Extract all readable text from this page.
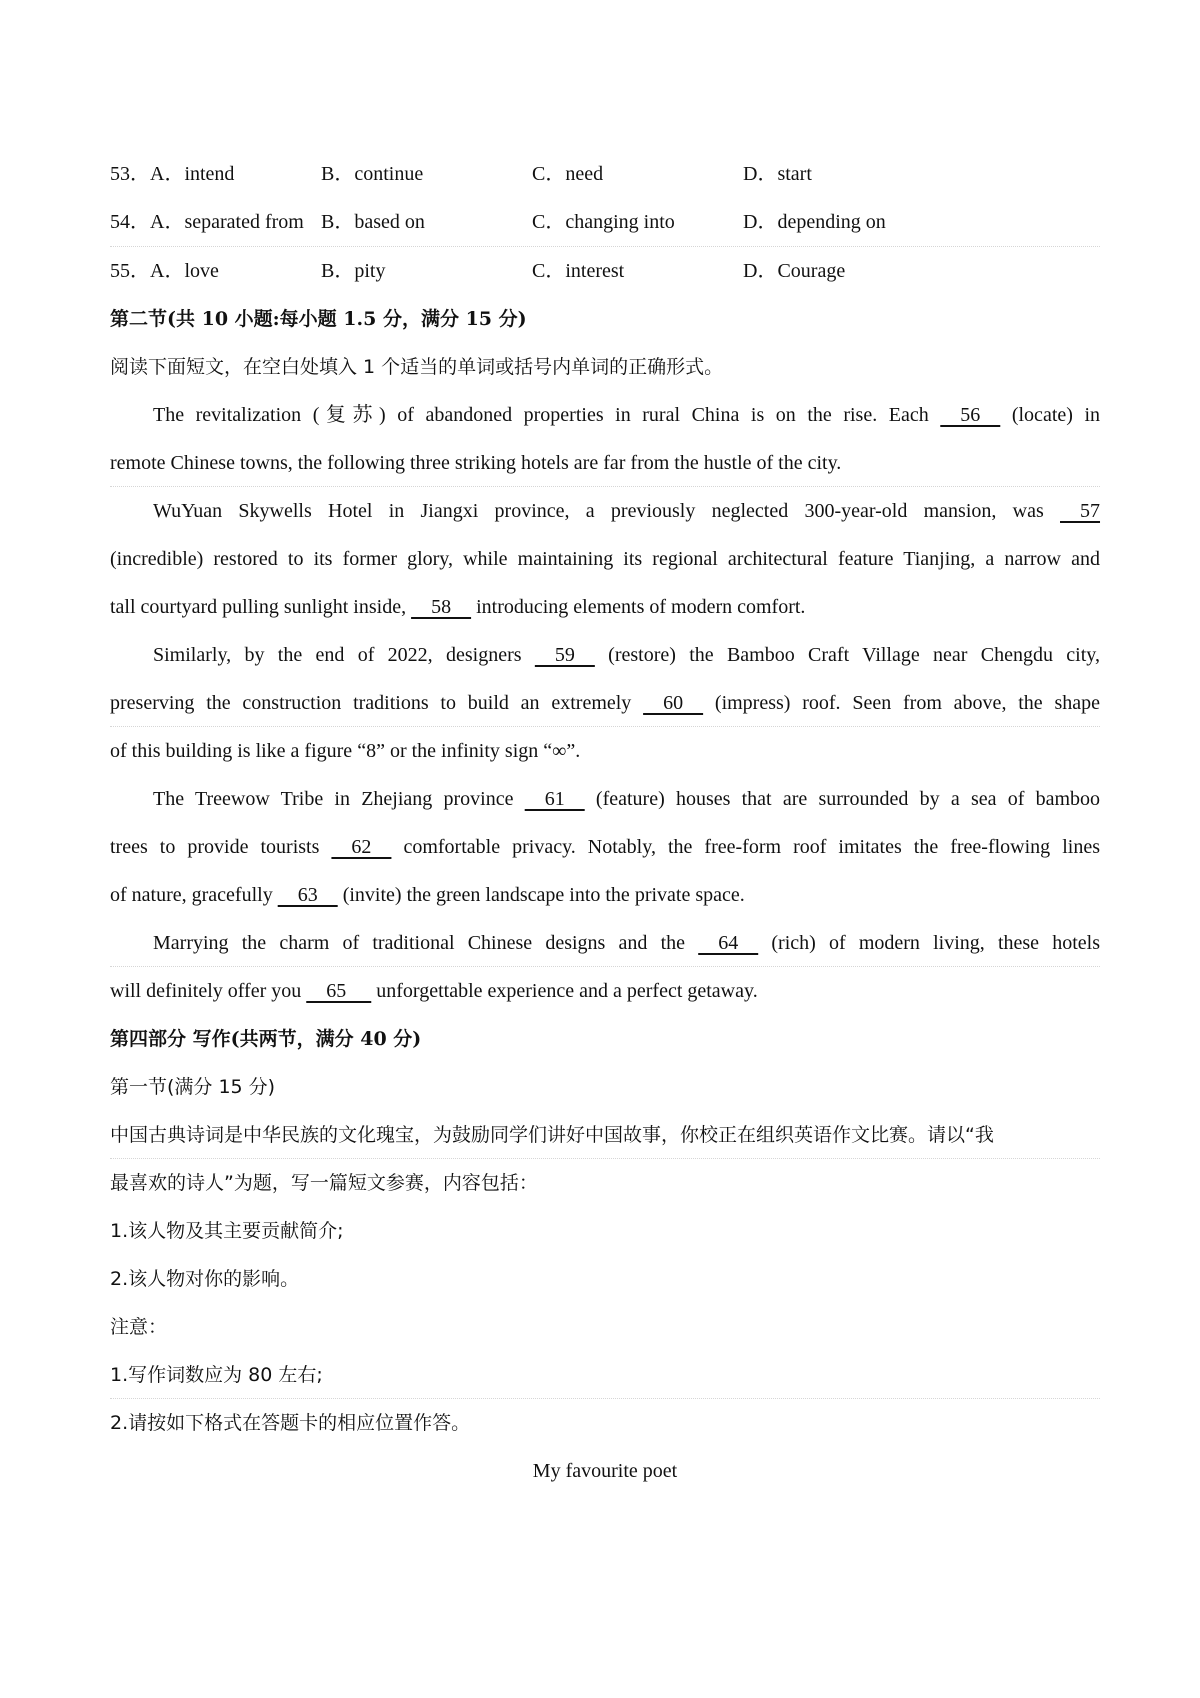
53．A．intend	B．continue	C．need	D．start
54．A．separated from B．based on	C．changing into	D．depending on
55．A．love	B．pity	C．interest	D．Courage
第二节(共 10 小题:每小题 1.5 分，满分 15 分)
阅读下面短文，在空白处填入 1 个适当的单词或括号内单词的正确形式。
The revitalization (复苏) of abandoned properties in rural China is on the rise. Each     56     (locate) in
remote Chinese towns, the following three striking hotels are far from the hustle of the city.
WuYuan Skywells Hotel in Jiangxi province, a previously neglected 300-year-old mansion, was     57
(incredible) restored to its former glory, while maintaining its regional architectural feature Tianjing, a narrow and
tall courtyard pulling sunlight inside,     58     introducing elements of modern comfort.
Similarly, by the end of 2022, designers     59     (restore) the Bamboo Craft Village near Chengdu city,
preserving the construction traditions to build an extremely     60     (impress) roof. Seen from above, the shape
of this building is like a figure “8” or the infinity sign “∞”.
The Treewow Tribe in Zhejiang province     61     (feature) houses that are surrounded by a sea of bamboo
trees to provide tourists     62     comfortable privacy. Notably, the free-form roof imitates the free-flowing lines
of nature, gracefully     63     (invite) the green landscape into the private space.
Marrying the charm of traditional Chinese designs and the     64     (rich) of modern living, these hotels
will definitely offer you     65      unforgettable experience and a perfect getaway.
第四部分 写作(共两节，满分 40 分)
第一节(满分 15 分)
中国古典诗词是中华民族的文化瑰宝，为鼓励同学们讲好中国故事，你校正在组织英语作文比赛。请以“我
最喜欢的诗人”为题，写一篇短文参赛，内容包括：
1.该人物及其主要贡献简介;
2.该人物对你的影响。
注意：
1.写作词数应为 80 左右;
2.请按如下格式在答题卡的相应位置作答。
My favourite poet
